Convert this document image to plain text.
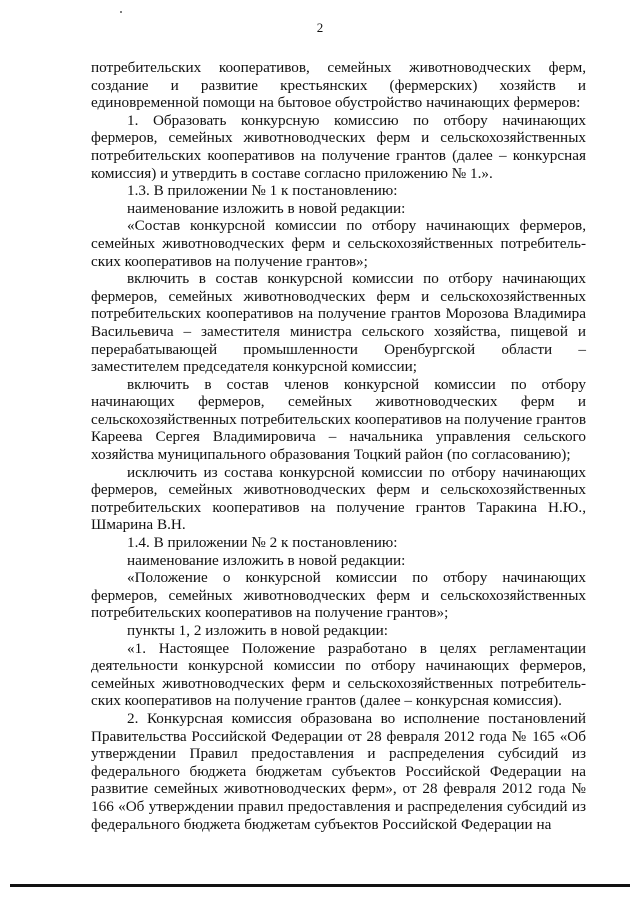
2

потребительских кооперативов, семейных животноводческих ферм, создание и развитие крестьянских (фермерских) хозяйств и единовременной помощи на бытовое обустройство начинающих фермеров:

1. Образовать конкурсную комиссию по отбору начинающих фермеров, семейных животноводческих ферм и сельскохозяйственных потребительских кооперативов на получение грантов (далее – конкурсная комиссия) и утвердить в составе согласно приложению № 1.».

1.3. В приложении № 1 к постановлению:

наименование изложить в новой редакции:

«Состав конкурсной комиссии по отбору начинающих фермеров, семейных животноводческих ферм и сельскохозяйственных потребительских кооперативов на получение грантов»;

включить в состав конкурсной комиссии по отбору начинающих фермеров, семейных животноводческих ферм и сельскохозяйственных потребительских кооперативов на получение грантов Морозова Владимира Васильевича – заместителя министра сельского хозяйства, пищевой и перерабатывающей промышленности Оренбургской области – заместителем председателя конкурсной комиссии;

включить в состав членов конкурсной комиссии по отбору начинающих фермеров, семейных животноводческих ферм и сельскохозяйственных потребительских кооперативов на получение грантов Кареева Сергея Владимировича – начальника управления сельского хозяйства муниципального образования Тоцкий район (по согласованию);

исключить из состава конкурсной комиссии по отбору начинающих фермеров, семейных животноводческих ферм и сельскохозяйственных потребительских кооперативов на получение грантов Таракина Н.Ю., Шмарина В.Н.

1.4. В приложении № 2 к постановлению:

наименование изложить в новой редакции:

«Положение о конкурсной комиссии по отбору начинающих фермеров, семейных животноводческих ферм и сельскохозяйственных потребительских кооперативов на получение грантов»;

пункты 1, 2 изложить в новой редакции:

«1. Настоящее Положение разработано в целях регламентации деятельности конкурсной комиссии по отбору начинающих фермеров, семейных животноводческих ферм и сельскохозяйственных потребительских кооперативов на получение грантов (далее – конкурсная комиссия).

2. Конкурсная комиссия образована во исполнение постановлений Правительства Российской Федерации от 28 февраля 2012 года № 165 «Об утверждении Правил предоставления и распределения субсидий из федерального бюджета бюджетам субъектов Российской Федерации на развитие семейных животноводческих ферм», от 28 февраля 2012 года № 166 «Об утверждении правил предоставления и распределения субсидий из федерального бюджета бюджетам субъектов Российской Федерации на
